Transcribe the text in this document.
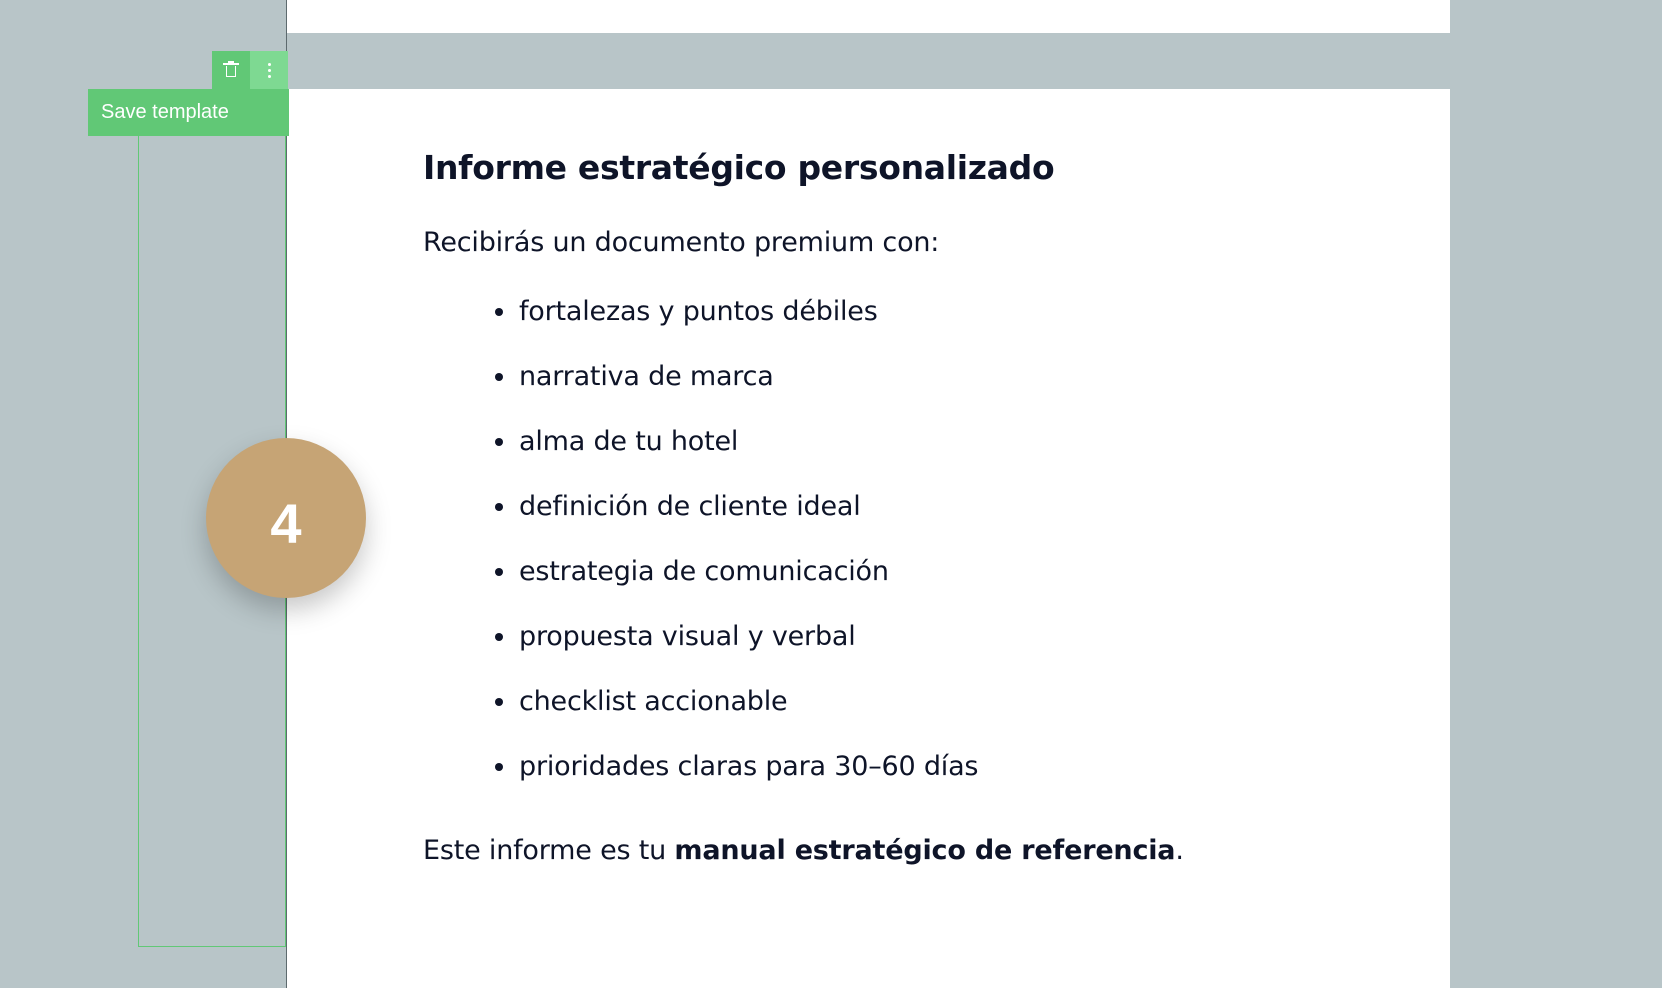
Save template
4
Informe estratégico personalizado

Recibirás un documento premium con:

fortalezas y puntos débiles
narrativa de marca
alma de tu hotel
definición de cliente ideal
estrategia de comunicación
propuesta visual y verbal
checklist accionable
prioridades claras para 30–60 días

Este informe es tu manual estratégico de referencia.
